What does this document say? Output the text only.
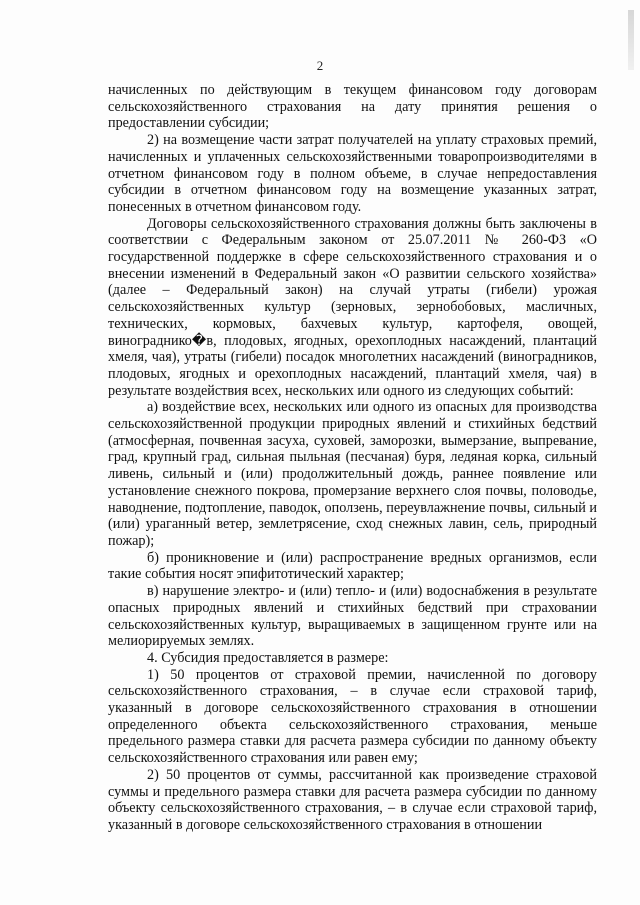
2

начисленных по действующим в текущем финансовом году договорам сельскохозяйственного страхования на дату принятия решения о предоставлении субсидии;

2) на возмещение части затрат получателей на уплату страховых премий, начисленных и уплаченных сельскохозяйственными товаропроизводителями в отчетном финансовом году в полном объеме, в случае непредоставления субсидии в отчетном финансовом году на возмещение указанных затрат, понесенных в отчетном финансовом году.

Договоры сельскохозяйственного страхования должны быть заключены в соответствии с Федеральным законом от 25.07.2011 № 260-ФЗ «О государственной поддержке в сфере сельскохозяйственного страхования и о внесении изменений в Федеральный закон «О развитии сельского хозяйства» (далее – Федеральный закон) на случай утраты (гибели) урожая сельскохозяйственных культур (зерновых, зернобобовых, масличных, технических, кормовых, бахчевых культур, картофеля, овощей, винограднико�в, плодовых, ягодных, орехоплодных насаждений, плантаций хмеля, чая), утраты (гибели) посадок многолетних насаждений (виноградников, плодовых, ягодных и орехоплодных насаждений, плантаций хмеля, чая) в результате воздействия всех, нескольких или одного из следующих событий:

а) воздействие всех, нескольких или одного из опасных для производства сельскохозяйственной продукции природных явлений и стихийных бедствий (атмосферная, почвенная засуха, суховей, заморозки, вымерзание, выпревание, град, крупный град, сильная пыльная (песчаная) буря, ледяная корка, сильный ливень, сильный и (или) продолжительный дождь, раннее появление или установление снежного покрова, промерзание верхнего слоя почвы, половодье, наводнение, подтопление, паводок, оползень, переувлажнение почвы, сильный и (или) ураганный ветер, землетрясение, сход снежных лавин, сель, природный пожар);

б) проникновение и (или) распространение вредных организмов, если такие события носят эпифитотический характер;

в) нарушение электро- и (или) тепло- и (или) водоснабжения в результате опасных природных явлений и стихийных бедствий при страховании сельскохозяйственных культур, выращиваемых в защищенном грунте или на мелиорируемых землях.

4. Субсидия предоставляется в размере:

1) 50 процентов от страховой премии, начисленной по договору сельскохозяйственного страхования, – в случае если страховой тариф, указанный в договоре сельскохозяйственного страхования в отношении определенного объекта сельскохозяйственного страхования, меньше предельного размера ставки для расчета размера субсидии по данному объекту сельскохозяйственного страхования или равен ему;

2) 50 процентов от суммы, рассчитанной как произведение страховой суммы и предельного размера ставки для расчета размера субсидии по данному объекту сельскохозяйственного страхования, – в случае если страховой тариф, указанный в договоре сельскохозяйственного страхования в отношении
